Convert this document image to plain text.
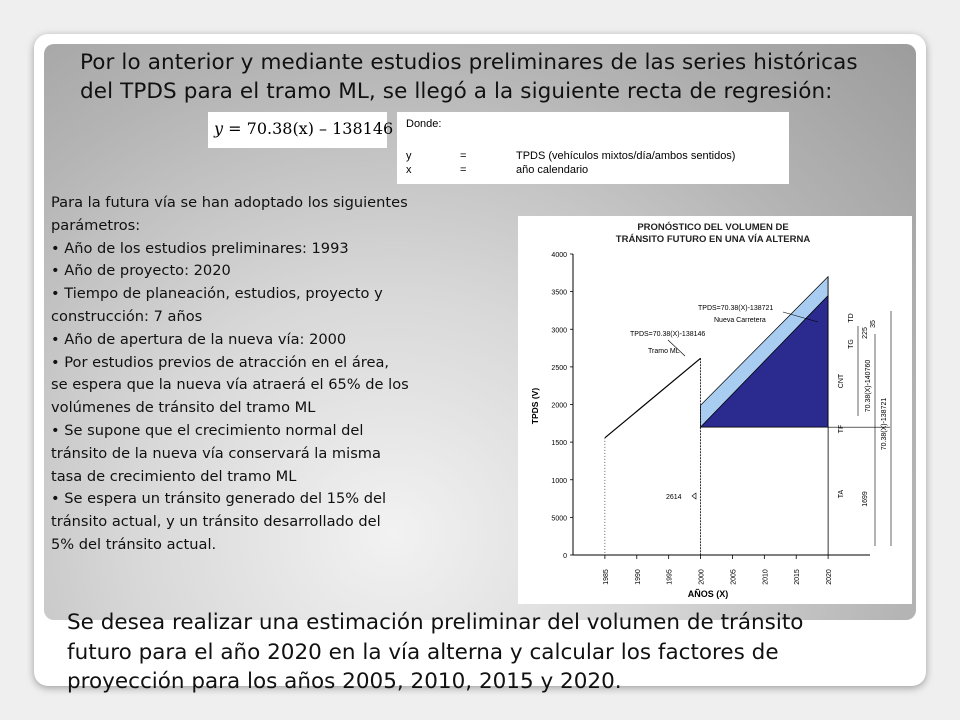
Por lo anterior y mediante estudios preliminares de las series históricas
del TPDS para el tramo ML, se llegó a la siguiente recta de regresión:
y = 70.38(x) – 138146 Donde:
y	=	TPDS (vehículos mixtos/día/ambos sentidos)
x	=	año calendario
Para la futura vía se han adoptado los siguientes
parámetros:
• Año de los estudios preliminares: 1993
• Año de proyecto: 2020
• Tiempo de planeación, estudios, proyecto y
construcción: 7 años
• Año de apertura de la nueva vía: 2000
• Por estudios previos de atracción en el área,
se espera que la nueva vía atraerá el 65% de los
volúmenes de tránsito del tramo ML
• Se supone que el crecimiento normal del
tránsito de la nueva vía conservará la misma
tasa de crecimiento del tramo ML
• Se espera un tránsito generado del 15% del
tránsito actual, y un tránsito desarrollado del
5% del tránsito actual.
PRONÓSTICO DEL VOLUMEN DE
TRÁNSITO FUTURO EN UNA VÍA ALTERNA
TPDS (V)
AÑOS (X)
0
5000
1000
1500
2000
2500
3000
3500
4000
1985	1990	1995	2000	2005	2010	2015	2020
TPDS=70.38(X)-138146
Tramo ML
TPDS=70.38(X)-138721
Nueva Carretera
2614
TD
TG
CNT
TF
TA
225
35
70.38(X)-140760
70.38(X)-138721
1699
Se desea realizar una estimación preliminar del volumen de tránsito
futuro para el año 2020 en la vía alterna y calcular los factores de
proyección para los años 2005, 2010, 2015 y 2020.
